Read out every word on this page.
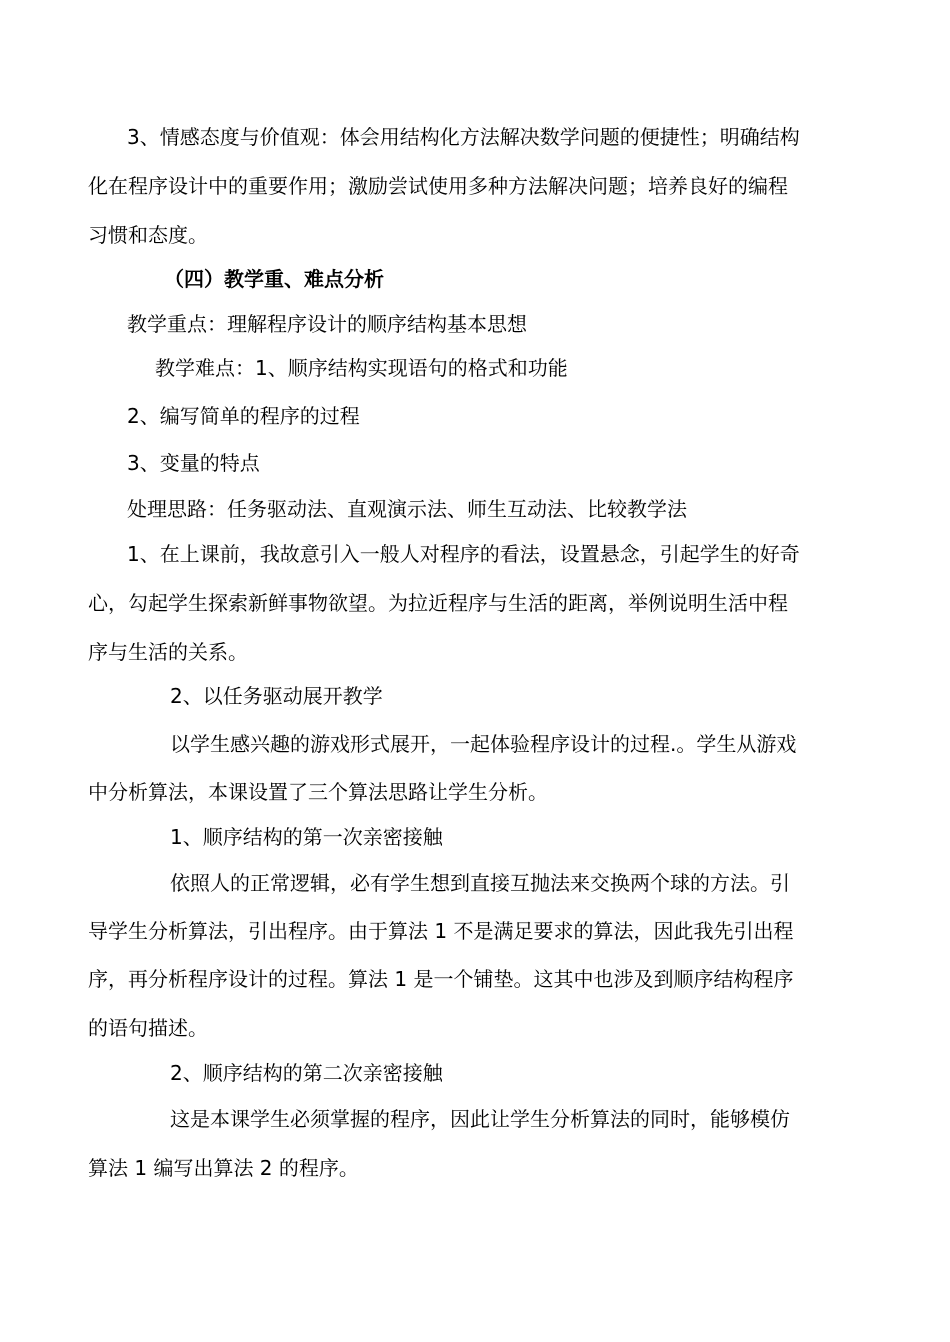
3、情感态度与价值观：体会用结构化方法解决数学问题的便捷性；明确结构
化在程序设计中的重要作用；激励尝试使用多种方法解决问题；培养良好的编程
习惯和态度。
（四）教学重、难点分析
教学重点：理解程序设计的顺序结构基本思想
教学难点：1、顺序结构实现语句的格式和功能
2、编写简单的程序的过程
3、变量的特点
处理思路：任务驱动法、直观演示法、师生互动法、比较教学法
1、在上课前，我故意引入一般人对程序的看法，设置悬念，引起学生的好奇
心，勾起学生探索新鲜事物欲望。为拉近程序与生活的距离，举例说明生活中程
序与生活的关系。
2、以任务驱动展开教学
以学生感兴趣的游戏形式展开，一起体验程序设计的过程.。学生从游戏
中分析算法，本课设置了三个算法思路让学生分析。
1、顺序结构的第一次亲密接触
依照人的正常逻辑，必有学生想到直接互抛法来交换两个球的方法。引
导学生分析算法，引出程序。由于算法 1 不是满足要求的算法，因此我先引出程
序，再分析程序设计的过程。算法 1 是一个铺垫。这其中也涉及到顺序结构程序
的语句描述。
2、顺序结构的第二次亲密接触
这是本课学生必须掌握的程序，因此让学生分析算法的同时，能够模仿
算法 1 编写出算法 2 的程序。
